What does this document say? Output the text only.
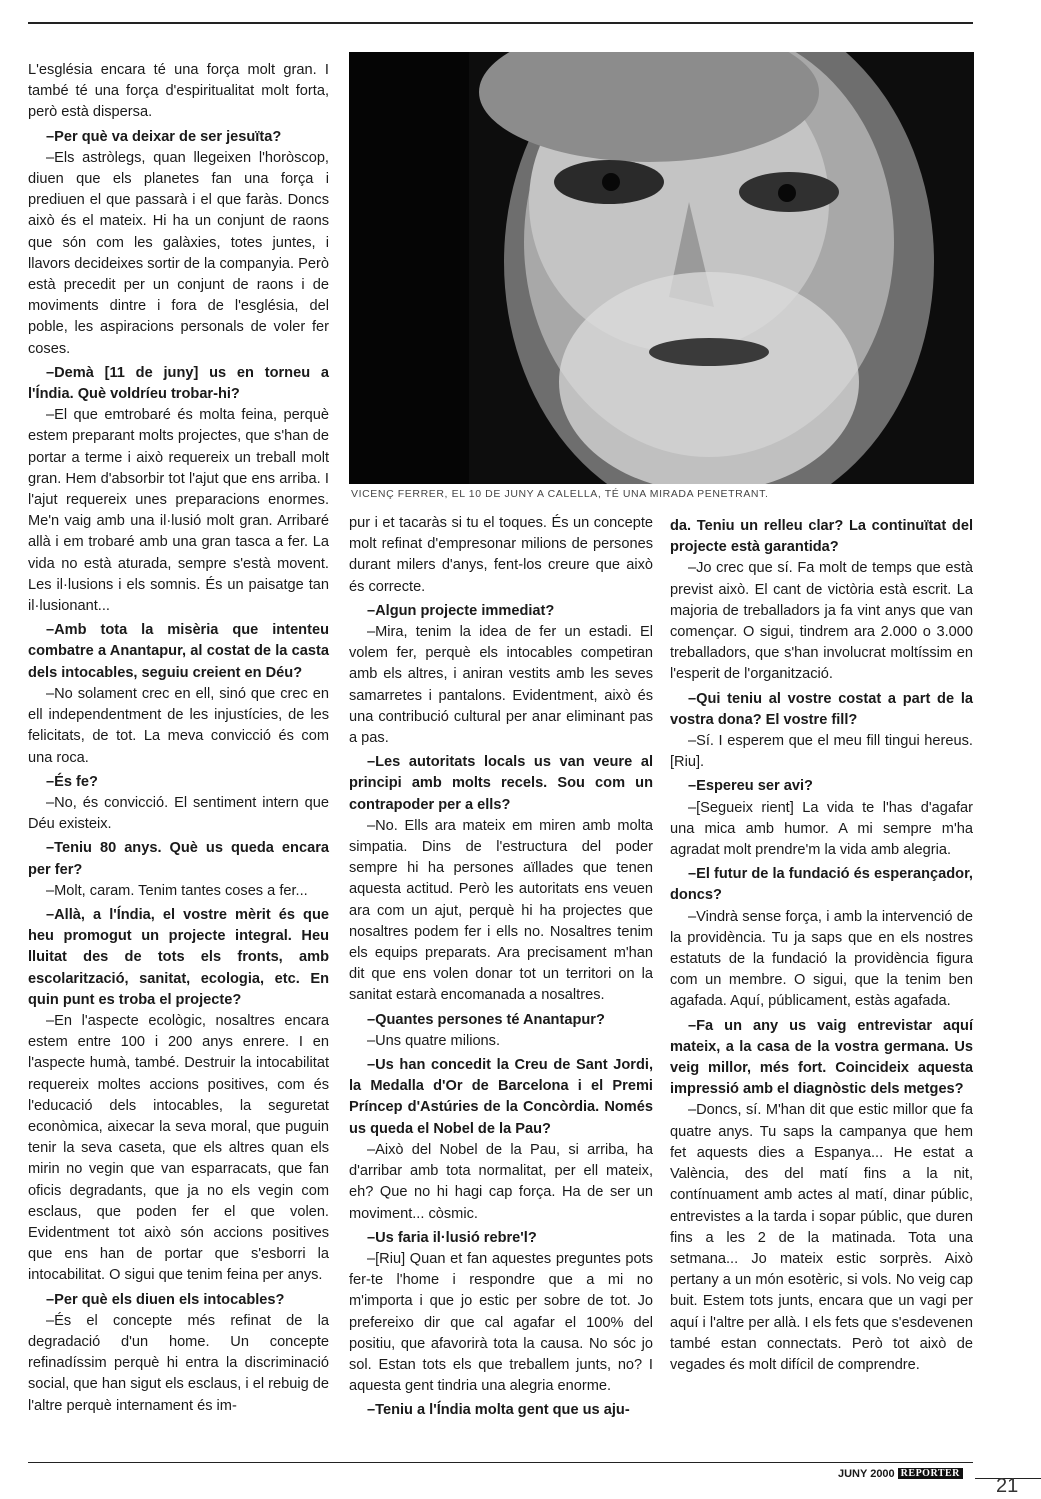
L'església encara té una força molt gran. I també té una força d'espiritualitat molt forta, però està dispersa.

–Per què va deixar de ser jesuïta?

–Els astròlegs, quan llegeixen l'horòscop, diuen que els planetes fan una força i prediuen el que passarà i el que faràs. Doncs això és el mateix. Hi ha un conjunt de raons que són com les galàxies, totes juntes, i llavors decideixes sortir de la companyia. Però està precedit per un conjunt de raons i de moviments dintre i fora de l'església, del poble, les aspiracions personals de voler fer coses.

–Demà [11 de juny] us en torneu a l'Índia. Què voldríeu trobar-hi?

–El que emtrobaré és molta feina, perquè estem preparant molts projectes, que s'han de portar a terme i això requereix un treball molt gran. Hem d'absorbir tot l'ajut que ens arriba. I l'ajut requereix unes preparacions enormes. Me'n vaig amb una il·lusió molt gran. Arribaré allà i em trobaré amb una gran tasca a fer. La vida no està aturada, sempre s'està movent. Les il·lusions i els somnis. És un paisatge tan il·lusionant...

–Amb tota la misèria que intenteu combatre a Anantapur, al costat de la casta dels intocables, seguiu creient en Déu?

–No solament crec en ell, sinó que crec en ell independentment de les injustícies, de les felicitats, de tot. La meva convicció és com una roca.

–És fe?

–No, és convicció. El sentiment intern que Déu existeix.

–Teniu 80 anys. Què us queda encara per fer?

–Molt, caram. Tenim tantes coses a fer...

–Allà, a l'Índia, el vostre mèrit és que heu promogut un projecte integral. Heu lluitat des de tots els fronts, amb escolarització, sanitat, ecologia, etc. En quin punt es troba el projecte?

–En l'aspecte ecològic, nosaltres encara estem entre 100 i 200 anys enrere. I en l'aspecte humà, també. Destruir la intocabilitat requereix moltes accions positives, com és l'educació dels intocables, la seguretat econòmica, aixecar la seva moral, que puguin tenir la seva caseta, que els altres quan els mirin no vegin que van esparracats, que fan oficis degradants, que ja no els vegin com esclaus, que poden fer el que volen. Evidentment tot això són accions positives que ens han de portar que s'esborri la intocabilitat. O sigui que tenim feina per anys.

–Per què els diuen els intocables?

–És el concepte més refinat de la degradació d'un home. Un concepte refinadíssim perquè hi entra la discriminació social, que han sigut els esclaus, i el rebuig de l'altre perquè internament és im-

VICENÇ FERRER, EL 10 DE JUNY A CALELLA, TÉ UNA MIRADA PENETRANT.

pur i et tacaràs si tu el toques. És un concepte molt refinat d'empresonar milions de persones durant milers d'anys, fent-los creure que això és correcte.

–Algun projecte immediat?

–Mira, tenim la idea de fer un estadi. El volem fer, perquè els intocables competiran amb els altres, i aniran vestits amb les seves samarretes i pantalons. Evidentment, això és una contribució cultural per anar eliminant pas a pas.

–Les autoritats locals us van veure al principi amb molts recels. Sou com un contrapoder per a ells?

–No. Ells ara mateix em miren amb molta simpatia. Dins de l'estructura del poder sempre hi ha persones aïllades que tenen aquesta actitud. Però les autoritats ens veuen ara com un ajut, perquè hi ha projectes que nosaltres podem fer i ells no. Nosaltres tenim els equips preparats. Ara precisament m'han dit que ens volen donar tot un territori on la sanitat estarà encomanada a nosaltres.

–Quantes persones té Anantapur?

–Uns quatre milions.

–Us han concedit la Creu de Sant Jordi, la Medalla d'Or de Barcelona i el Premi Príncep d'Astúries de la Concòrdia. Només us queda el Nobel de la Pau?

–Això del Nobel de la Pau, si arriba, ha d'arribar amb tota normalitat, per ell mateix, eh? Que no hi hagi cap força. Ha de ser un moviment... còsmic.

–Us faria il·lusió rebre'l?

–[Riu] Quan et fan aquestes preguntes pots fer-te l'home i respondre que a mi no m'importa i que jo estic per sobre de tot. Jo prefereixo dir que cal agafar el 100% del positiu, que afavorirà tota la causa. No sóc jo sol. Estan tots els que treballem junts, no? I aquesta gent tindria una alegria enorme.

–Teniu a l'Índia molta gent que us aju-

da. Teniu un relleu clar? La continuïtat del projecte està garantida?

–Jo crec que sí. Fa molt de temps que està previst això. El cant de victòria està escrit. La majoria de treballadors ja fa vint anys que van començar. O sigui, tindrem ara 2.000 o 3.000 treballadors, que s'han involucrat moltíssim en l'esperit de l'organització.

–Qui teniu al vostre costat a part de la vostra dona? El vostre fill?

–Sí. I esperem que el meu fill tingui hereus. [Riu].

–Espereu ser avi?

–[Segueix rient] La vida te l'has d'agafar una mica amb humor. A mi sempre m'ha agradat molt prendre'm la vida amb alegria.

–El futur de la fundació és esperançador, doncs?

–Vindrà sense força, i amb la intervenció de la providència. Tu ja saps que en els nostres estatuts de la fundació la providència figura com un membre. O sigui, que la tenim ben agafada. Aquí, públicament, estàs agafada.

–Fa un any us vaig entrevistar aquí mateix, a la casa de la vostra germana. Us veig millor, més fort. Coincideix aquesta impressió amb el diagnòstic dels metges?

–Doncs, sí. M'han dit que estic millor que fa quatre anys. Tu saps la campanya que hem fet aquests dies a Espanya... He estat a València, des del matí fins a la nit, contínuament amb actes al matí, dinar públic, entrevistes a la tarda i sopar públic, que duren fins a les 2 de la matinada. Tota una setmana... Jo mateix estic sorprès. Això pertany a un món esotèric, si vols. No veig cap buit. Estem tots junts, encara que un vagi per aquí i l'altre per allà. I els fets que s'esdevenen també estan connectats. Però tot això de vegades és molt difícil de comprendre.

JUNY 2000 REPORTER
21
